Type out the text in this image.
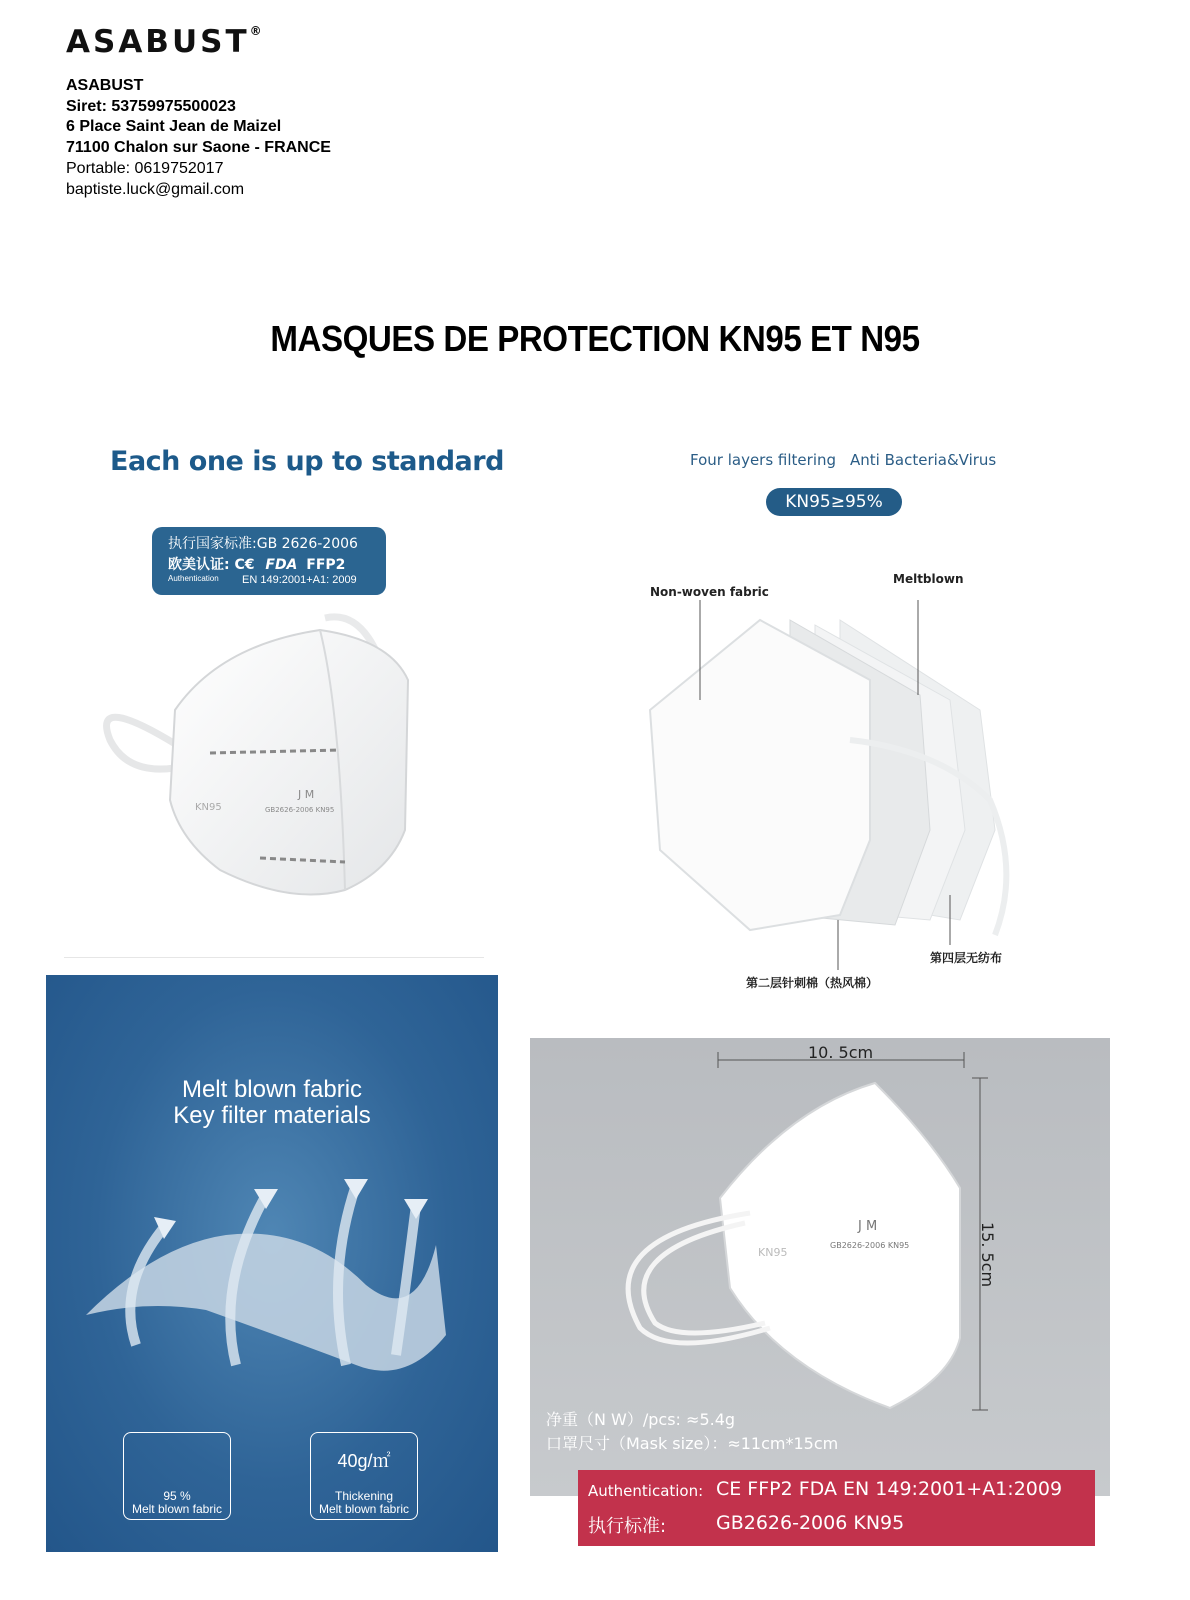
ASABUST®
ASABUST
Siret: 53759975500023
6 Place Saint Jean de Maizel
71100 Chalon sur Saone - FRANCE
Portable: 0619752017
baptiste.luck@gmail.com
MASQUES DE PROTECTION KN95 ET N95
Each one is up to standard
执行国家标准:GB 2626-2006
欧美认证: C€ FDA FFP2
Authentication EN 149:2001+A1: 2009
J M
GB2626-2006 KN95
KN95
Four layers filtering Anti Bacteria&Virus
KN95≥95%
Non-woven fabric
Meltblown
第四层无纺布
第二层针刺棉（热风棉）
Melt blown fabric
Key filter materials
95 %
Melt blown fabric
40g/㎡
Thickening
Melt blown fabric
10. 5cm
15. 5cm
J M
GB2626-2006 KN95
KN95
净重（N W）/pcs: ≈5.4g
口罩尺寸（Mask size）：≈11cm*15cm
Authentication: CE FFP2 FDA EN 149:2001+A1:2009
执行标准:	GB2626-2006 KN95
